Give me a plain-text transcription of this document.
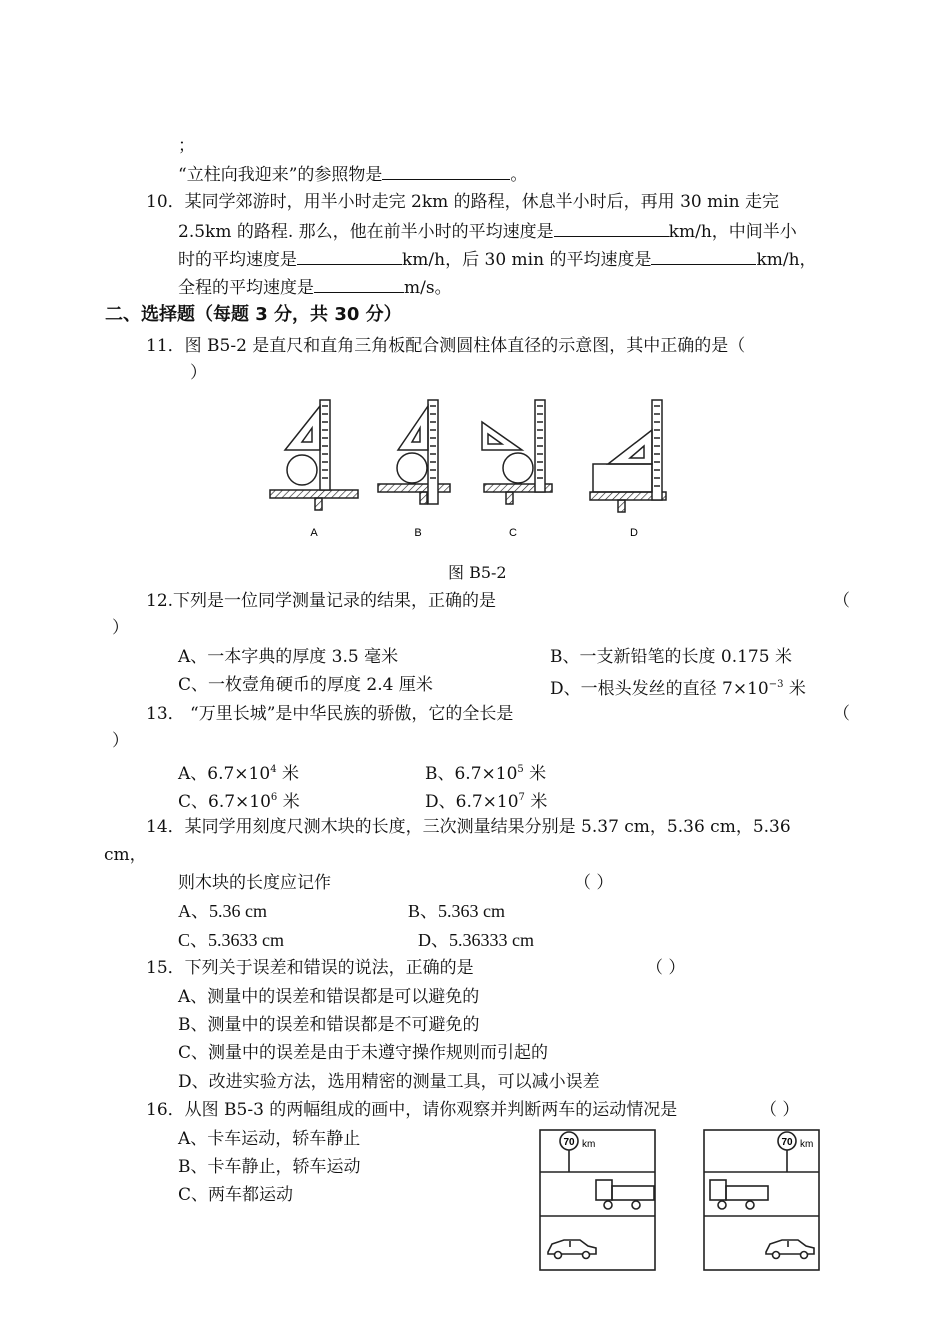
；
“立柱向我迎来”的参照物是	。
10．某同学郊游时，用半小时走完 2km 的路程，休息半小时后，再用 30 min 走完
2.5km 的路程. 那么，他在前半小时的平均速度是	km/h，中间半小
时的平均速度是	km/h，后 30 min 的平均速度是	km/h，
全程的平均速度是	m/s。
二、选择题（每题 3 分，共 30 分）
11．图 B5-2 是直尺和直角三角板配合测圆柱体直径的示意图，其中正确的是（
）
A	B	C	D
图 B5-2
12.下列是一位同学测量记录的结果，正确的是	（
）
A、一本字典的厚度 3.5 毫米	B、一支新铅笔的长度 0.175 米
C、一枚壹角硬币的厚度 2.4 厘米	D、一根头发丝的直径 $7\times 10^{-3}$ 米
13． “万里长城”是中华民族的骄傲，它的全长是	（
）
A、$6.7\times 10^4$ 米	B、$6.7\times 10^5$ 米
C、$6.7\times 10^6$ 米	D、$6.7\times 10^7$ 米
14．某同学用刻度尺测木块的长度，三次测量结果分别是 5.37 cm，5.36 cm，5.36
cm，
则木块的长度应记作	（ ）
A、5.36 cm	B、5.363 cm
C、5.3633 cm	D、5.36333 cm
15．下列关于误差和错误的说法，正确的是	（ ）
A、测量中的误差和错误都是可以避免的
B、测量中的误差和错误都是不可避免的
C、测量中的误差是由于未遵守操作规则而引起的
D、改进实验方法，选用精密的测量工具，可以减小误差
16．从图 B5-3 的两幅组成的画中，请你观察并判断两车的运动情况是	（ ）
A、卡车运动，轿车静止
B、卡车静止，轿车运动
C、两车都运动
70 km	70 km
